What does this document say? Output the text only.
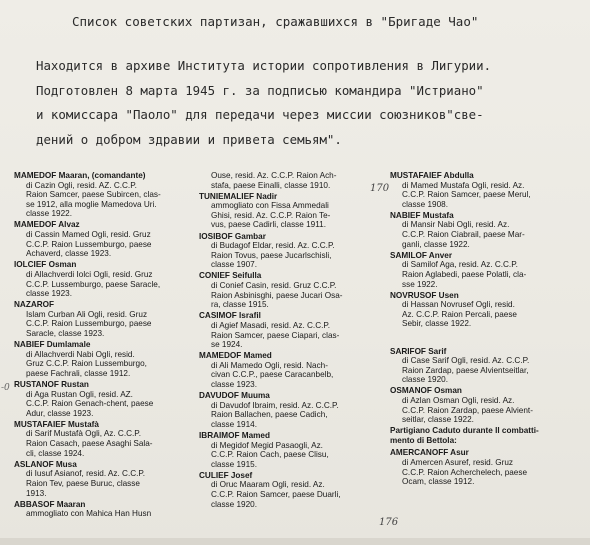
Список советских партизан, сражавшихся в "Бригаде Чао"
Находится в архиве Института истории сопротивления в Лигурии.
Подготовлен 8 марта 1945 г. за подписью командира "Истриано"
и комиссара "Паоло" для передачи через миссии союзников"све-
дений о добром здравии и привета семьям".
MAMEDOF Maaran, (comandante)
di Cazin Ogli, resid. AZ. C.C.P.
Raion Samcer, paese Subircen, clas-
se 1912, alla moglie Mamedova Uri.
classe 1922.
MAMEDOF Alvaz
di Cassin Mamed Ogli, resid. Gruz
C.C.P. Raion Lussemburgo, paese
Achaverd, classe 1923.
IOLCIEF Osman
di Allachverdi Iolci Ogli, resid. Gruz
C.C.P. Lussemburgo, paese Saracle,
classe 1923.
NAZAROF
Islam Curban Ali Ogli, resid. Gruz
C.C.P. Raion Lussemburgo, paese
Saracle, classe 1923.
NABIEF Dumlamale
di Allachverdi Nabi Ogli, resid.
Gruz C.C.P. Raion Lussemburgo,
paese Fachrali, classe 1912.
RUSTANOF Rustan
di Aga Rustan Ogli, resid. AZ.
C.C.P. Raion Genach-chent, paese
Adur, classe 1923.
MUSTAFAIEF Mustafà
di Sarif Mustafà Ogli, Az. C.C.P.
Raion Casach, paese Asaghi Sala-
cli, classe 1924.
ASLANOF Musa
di Iusuf Asianof, resid. Az. C.C.P.
Raion Tev, paese Buruc, classe
1913.
ABBASOF Maaran
ammogliato con Mahica Han Husn
Ouse, resid. Az. C.C.P. Raion Ach-
stafa, paese Einalli, classe 1910.
TUNIEMALIEF Nadir
ammogliato con Fissa Ammedali
Ghisi, resid. Az. C.C.P. Raion Te-
vus, paese Cadirli, classe 1911.
IOSIBOF Gambar
di Budagof Eldar, resid. Az. C.C.P.
Raion Tovus, paese Jucarlschisli,
classe 1907.
CONIEF Seifulla
di Conief Casin, resid. Gruz C.C.P.
Raion Asbinisghi, paese Jucari Osa-
ra, classe 1915.
CASIMOF Israfil
di Agief Masadi, resid. Az. C.C.P.
Raion Samcer, paese Ciapari, clas-
se 1924.
MAMEDOF Mamed
di Ali Mamedo Ogli, resid. Nach-
civan C.C.P., paese Caracanbelb,
classe 1923.
DAVUDOF Muuma
di Davudof Ibraim, resid. Az. C.C.P.
Raion Ballachen, paese Cadich,
classe 1914.
IBRAIMOF Mamed
di Megidof Megid Pasaogli, Az.
C.C.P. Raion Cach, paese Clisu,
classe 1915.
CULIEF Josef
di Oruc Maaram Ogli, resid. Az.
C.C.P. Raion Samcer, paese Duarli,
classe 1920.
MUSTAFAIEF Abdulla
di Mamed Mustafa Ogli, resid. Az.
C.C.P. Raion Samcer, paese Merul,
classe 1908.
NABIEF Mustafa
di Mansir Nabi Ogli, resid. Az.
C.C.P. Raion Ciabrail, paese Mar-
ganli, classe 1922.
SAMILOF Anver
di Samilof Aga, resid. Az. C.C.P.
Raion Aglabedi, paese Polatli, cla-
sse 1922.
NOVRUSOF Usen
di Hassan Novrusef Ogli, resid.
Az. C.C.P. Raion Percali, paese
Sebir, classe 1922.
SARIFOF Sarif
di Case Sarif Ogli, resid. Az. C.C.P.
Raion Zardap, paese Alvientseitlar,
classe 1920.
OSMANOF Osman
di Azlan Osman Ogli, resid. Az.
C.C.P. Raion Zardap, paese Alvient-
seitlar, classe 1922.
Partigiano Caduto durante Il combatti-
mento di Bettola:
AMERCANOFF Asur
di Amercen Asuref, resid. Gruz
C.C.P. Raion Acherchelech, paese
Ocam, classe 1912.
170
176
-0
